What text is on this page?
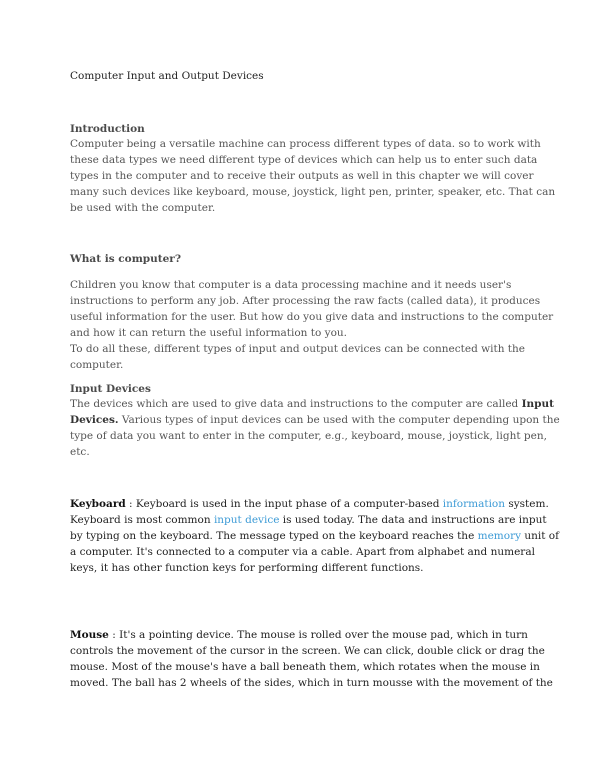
Computer Input and Output Devices
Introduction
Computer being a versatile machine can process different types of data. so to work with
these data types we need different type of devices which can help us to enter such data
types in the computer and to receive their outputs as well in this chapter we will cover
many such devices like keyboard, mouse, joystick, light pen, printer, speaker, etc. That can
be used with the computer.
What is computer?
Children you know that computer is a data processing machine and it needs user's
instructions to perform any job. After processing the raw facts (called data), it produces
useful information for the user. But how do you give data and instructions to the computer
and how it can return the useful information to you.
To do all these, different types of input and output devices can be connected with the
computer.
Input Devices
The devices which are used to give data and instructions to the computer are called Input
Devices. Various types of input devices can be used with the computer depending upon the
type of data you want to enter in the computer, e.g., keyboard, mouse, joystick, light pen,
etc.
Keyboard : Keyboard is used in the input phase of a computer-based information system.
Keyboard is most common input device is used today. The data and instructions are input
by typing on the keyboard. The message typed on the keyboard reaches the memory unit of
a computer. It's connected to a computer via a cable. Apart from alphabet and numeral
keys, it has other function keys for performing different functions.
Mouse : It's a pointing device. The mouse is rolled over the mouse pad, which in turn
controls the movement of the cursor in the screen. We can click, double click or drag the
mouse. Most of the mouse's have a ball beneath them, which rotates when the mouse in
moved. The ball has 2 wheels of the sides, which in turn mousse with the movement of the
